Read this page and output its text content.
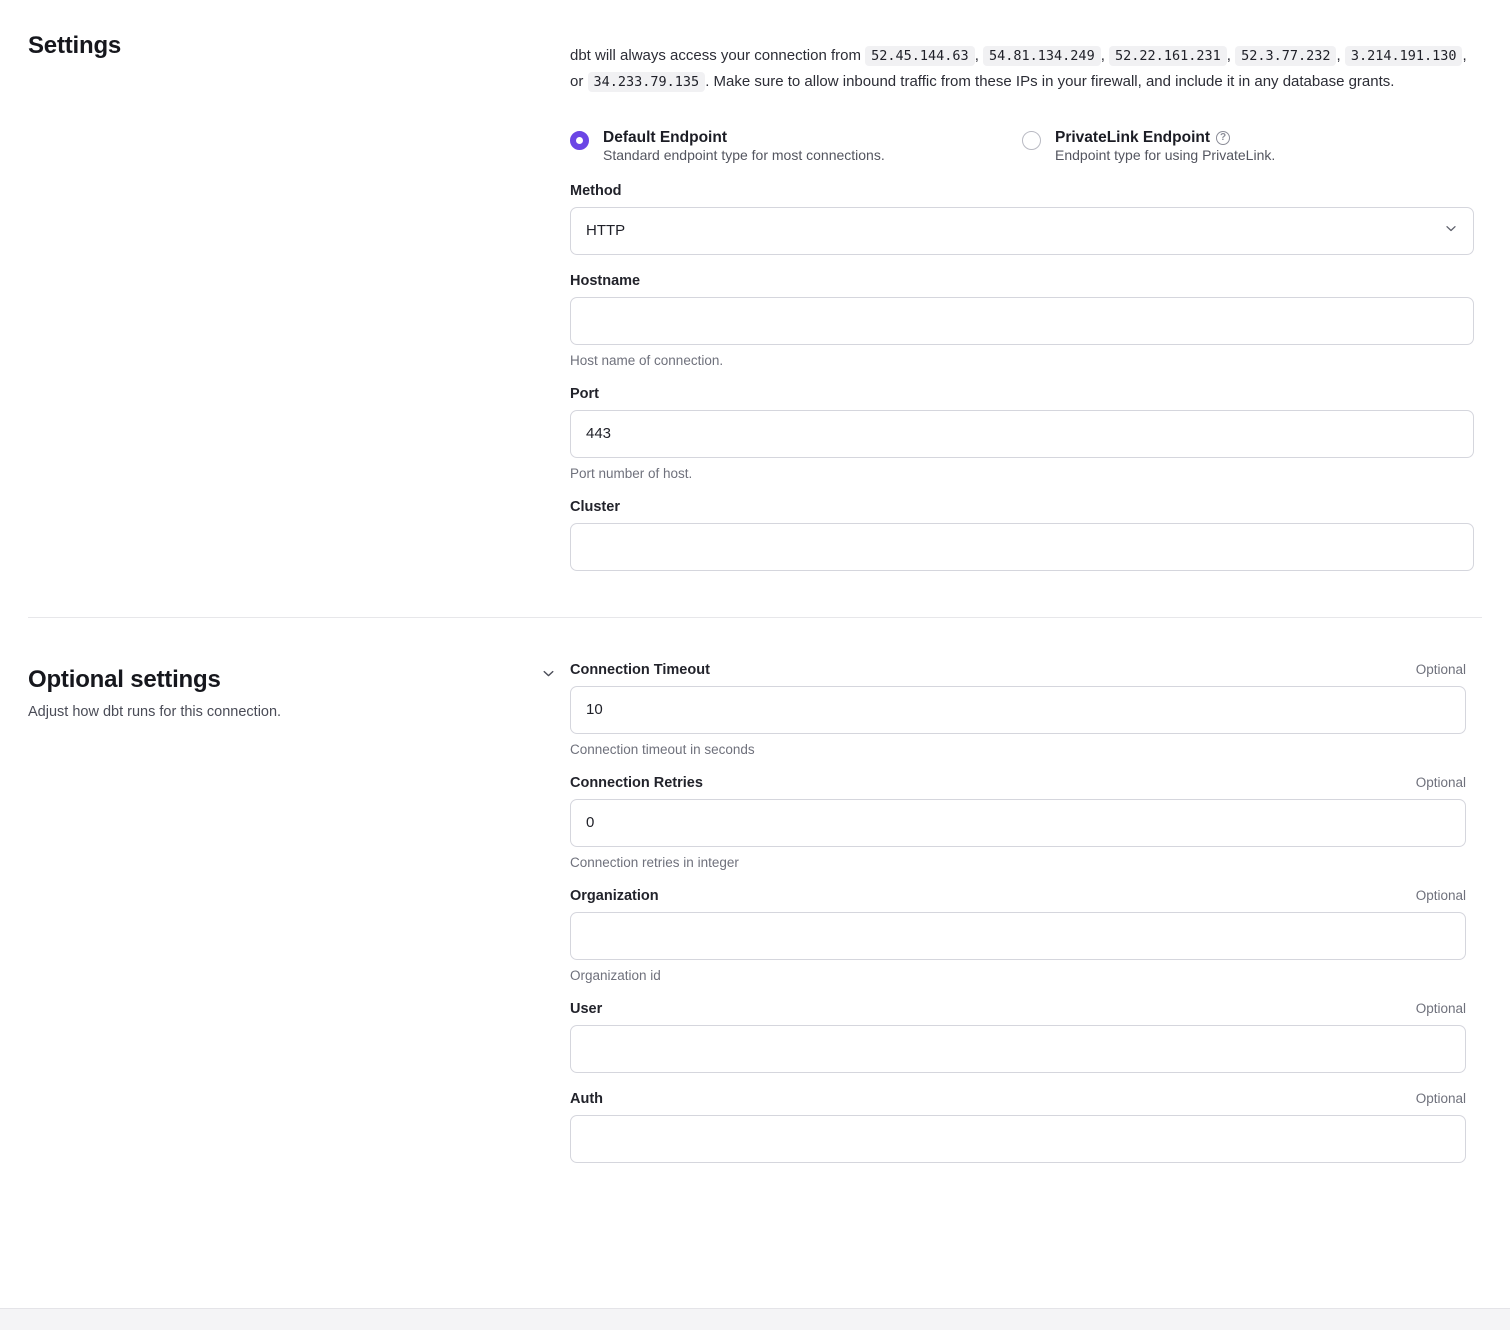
Settings	dbt will always access your connection from 52.45.144.63 , 54.81.134.249 , 52.22.161.231 , 52.3.77.232 , 3.214.191.130 , or 34.233.79.135 . Make sure to allow inbound traffic from these IPs in your firewall, and include it in any database grants.

Default Endpoint
Standard endpoint type for most connections.
PrivateLink Endpoint ?
Endpoint type for using PrivateLink.
Method
HTTP
Hostname
Host name of connection.
Port
443
Port number of host.
Cluster
Optional settings
Adjust how dbt runs for this connection.
Connection Timeout	Optional
10
Connection timeout in seconds
Connection Retries	Optional
0
Connection retries in integer
Organization	Optional
Organization id
User	Optional
Auth	Optional
